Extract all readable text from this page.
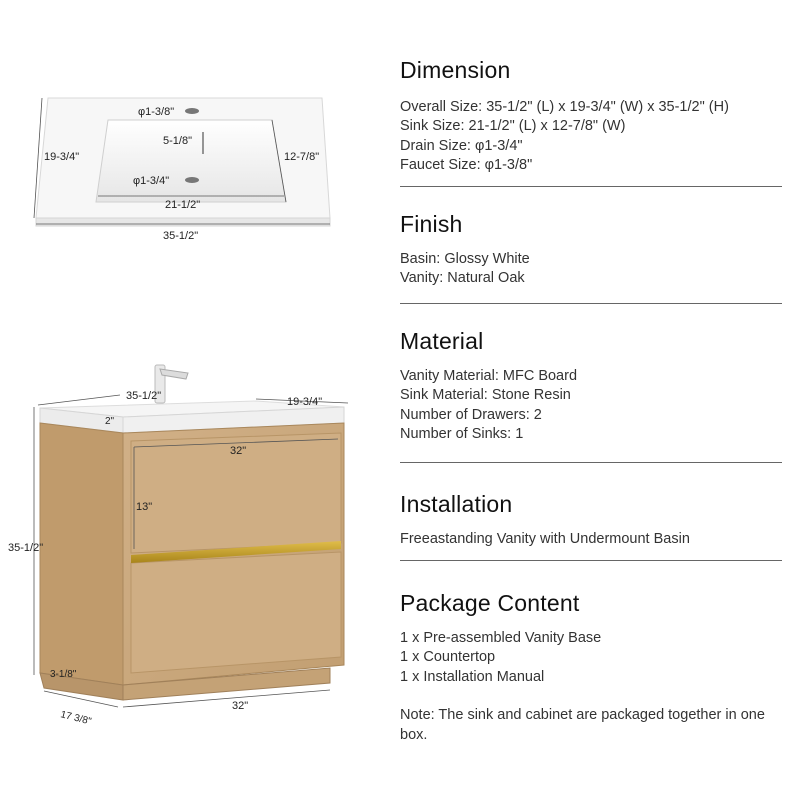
φ1-3/8"
5-1/8"
φ1-3/4"
19-3/4"	12-7/8"
21-1/2"
35-1/2"
35-1/2"	19-3/4"
2"
32"
13"
35-1/2"
3-1/8"
17 3/8"
32"
Dimension
Overall Size: 35-1/2" (L) x 19-3/4" (W) x 35-1/2" (H)
Sink Size: 21-1/2" (L) x 12-7/8" (W)
Drain Size: φ1-3/4"
Faucet Size: φ1-3/8"
Finish
Basin: Glossy White
Vanity: Natural Oak
Material
Vanity Material: MFC Board
Sink Material: Stone Resin
Number of Drawers: 2
Number of Sinks: 1
Installation
Freeastanding Vanity with Undermount Basin
Package Content
1 x Pre-assembled Vanity Base
1 x Countertop
1 x Installation Manual
Note: The sink and cabinet are packaged together in one box.
